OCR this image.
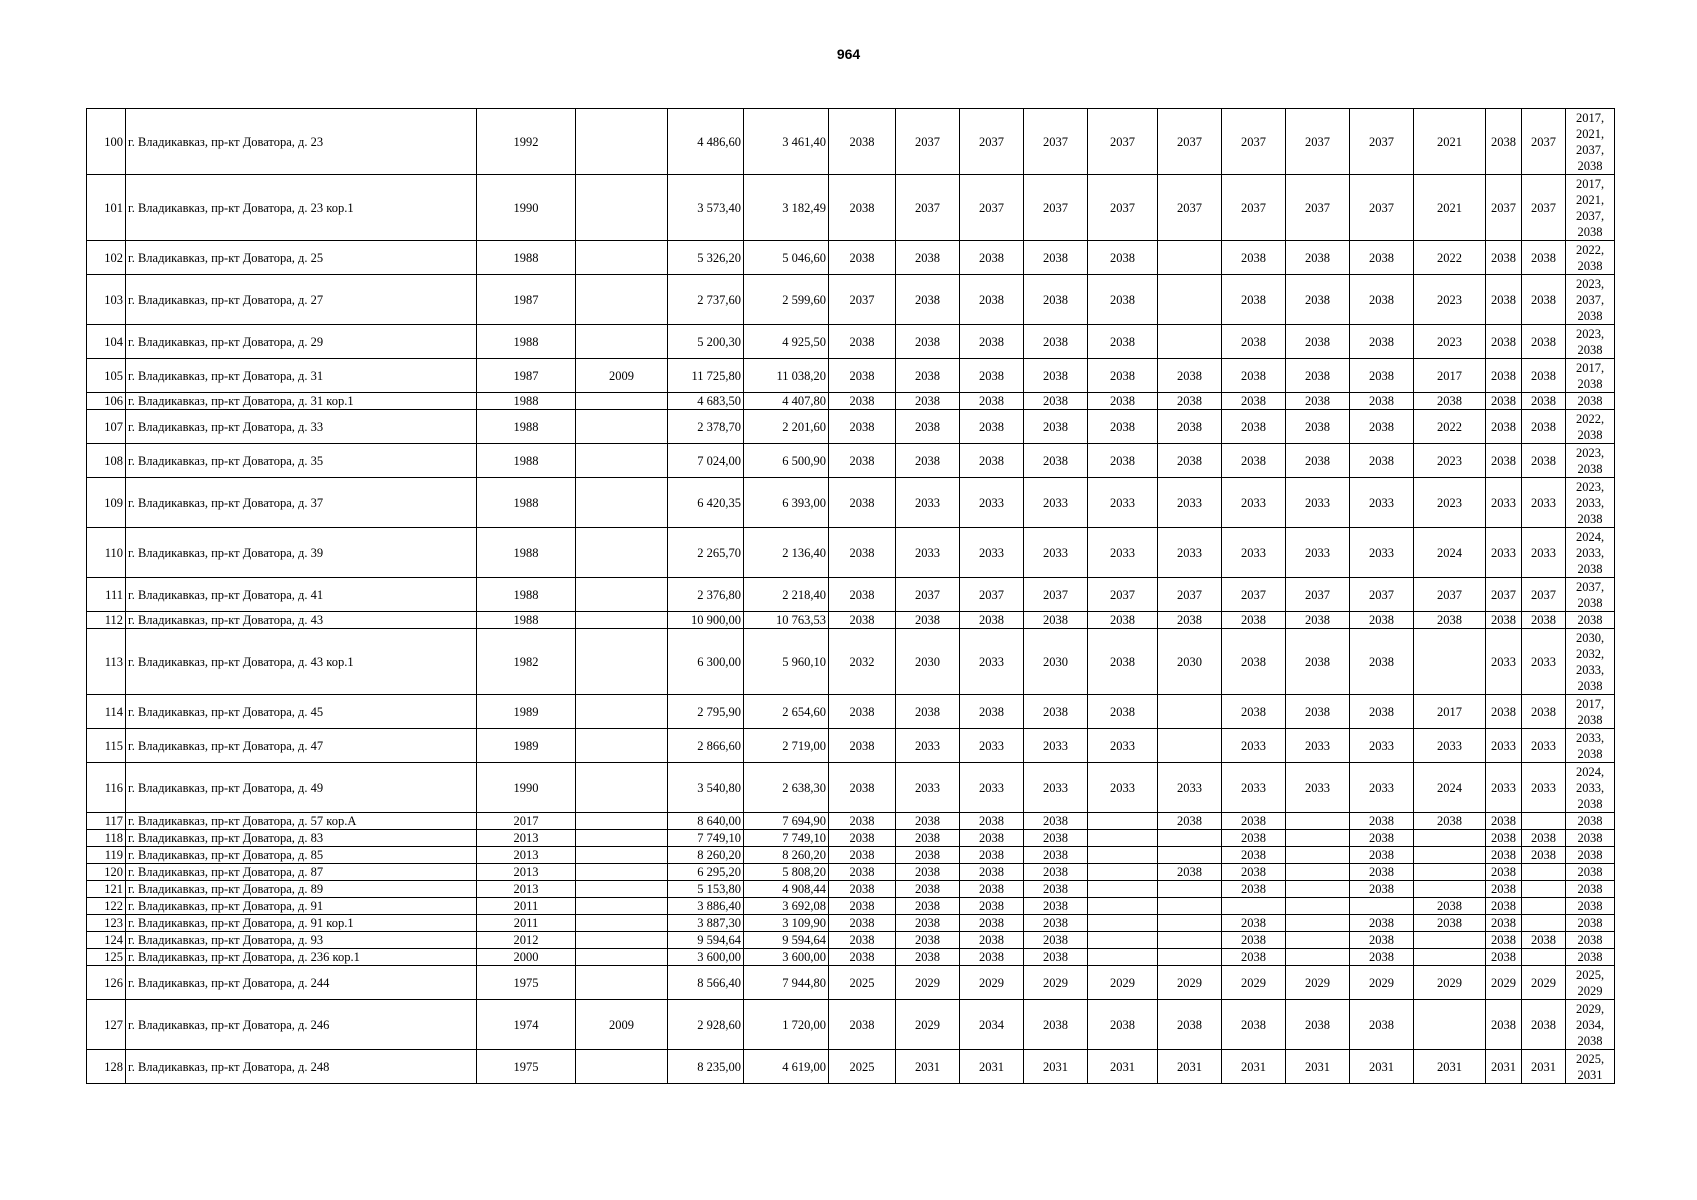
964
100	г. Владикавказ, пр-кт Доватора, д. 23	1992		4 486,60	3 461,40	2038	2037	2037	2037	2037	2037	2037	2037	2037	2021	2038	2037	2017,
2021,
2037,
2038
101	г. Владикавказ, пр-кт Доватора, д. 23 кор.1	1990		3 573,40	3 182,49	2038	2037	2037	2037	2037	2037	2037	2037	2037	2021	2037	2037	2017,
2021,
2037,
2038
102	г. Владикавказ, пр-кт Доватора, д. 25	1988		5 326,20	5 046,60	2038	2038	2038	2038	2038		2038	2038	2038	2022	2038	2038	2022,
2038
103	г. Владикавказ, пр-кт Доватора, д. 27	1987		2 737,60	2 599,60	2037	2038	2038	2038	2038		2038	2038	2038	2023	2038	2038	2023,
2037,
2038
104	г. Владикавказ, пр-кт Доватора, д. 29	1988		5 200,30	4 925,50	2038	2038	2038	2038	2038		2038	2038	2038	2023	2038	2038	2023,
2038
105	г. Владикавказ, пр-кт Доватора, д. 31	1987	2009	11 725,80	11 038,20	2038	2038	2038	2038	2038	2038	2038	2038	2038	2017	2038	2038	2017,
2038
106	г. Владикавказ, пр-кт Доватора, д. 31 кор.1	1988		4 683,50	4 407,80	2038	2038	2038	2038	2038	2038	2038	2038	2038	2038	2038	2038	2038
107	г. Владикавказ, пр-кт Доватора, д. 33	1988		2 378,70	2 201,60	2038	2038	2038	2038	2038	2038	2038	2038	2038	2022	2038	2038	2022,
2038
108	г. Владикавказ, пр-кт Доватора, д. 35	1988		7 024,00	6 500,90	2038	2038	2038	2038	2038	2038	2038	2038	2038	2023	2038	2038	2023,
2038
109	г. Владикавказ, пр-кт Доватора, д. 37	1988		6 420,35	6 393,00	2038	2033	2033	2033	2033	2033	2033	2033	2033	2023	2033	2033	2023,
2033,
2038
110	г. Владикавказ, пр-кт Доватора, д. 39	1988		2 265,70	2 136,40	2038	2033	2033	2033	2033	2033	2033	2033	2033	2024	2033	2033	2024,
2033,
2038
111	г. Владикавказ, пр-кт Доватора, д. 41	1988		2 376,80	2 218,40	2038	2037	2037	2037	2037	2037	2037	2037	2037	2037	2037	2037	2037,
2038
112	г. Владикавказ, пр-кт Доватора, д. 43	1988		10 900,00	10 763,53	2038	2038	2038	2038	2038	2038	2038	2038	2038	2038	2038	2038	2038
113	г. Владикавказ, пр-кт Доватора, д. 43 кор.1	1982		6 300,00	5 960,10	2032	2030	2033	2030	2038	2030	2038	2038	2038		2033	2033	2030,
2032,
2033,
2038
114	г. Владикавказ, пр-кт Доватора, д. 45	1989		2 795,90	2 654,60	2038	2038	2038	2038	2038		2038	2038	2038	2017	2038	2038	2017,
2038
115	г. Владикавказ, пр-кт Доватора, д. 47	1989		2 866,60	2 719,00	2038	2033	2033	2033	2033		2033	2033	2033	2033	2033	2033	2033,
2038
116	г. Владикавказ, пр-кт Доватора, д. 49	1990		3 540,80	2 638,30	2038	2033	2033	2033	2033	2033	2033	2033	2033	2024	2033	2033	2024,
2033,
2038
117	г. Владикавказ, пр-кт Доватора, д. 57 кор.А	2017		8 640,00	7 694,90	2038	2038	2038	2038		2038	2038		2038	2038	2038		2038
118	г. Владикавказ, пр-кт Доватора, д. 83	2013		7 749,10	7 749,10	2038	2038	2038	2038			2038		2038		2038	2038	2038
119	г. Владикавказ, пр-кт Доватора, д. 85	2013		8 260,20	8 260,20	2038	2038	2038	2038			2038		2038		2038	2038	2038
120	г. Владикавказ, пр-кт Доватора, д. 87	2013		6 295,20	5 808,20	2038	2038	2038	2038		2038	2038		2038		2038		2038
121	г. Владикавказ, пр-кт Доватора, д. 89	2013		5 153,80	4 908,44	2038	2038	2038	2038			2038		2038		2038		2038
122	г. Владикавказ, пр-кт Доватора, д. 91	2011		3 886,40	3 692,08	2038	2038	2038	2038						2038	2038		2038
123	г. Владикавказ, пр-кт Доватора, д. 91 кор.1	2011		3 887,30	3 109,90	2038	2038	2038	2038			2038		2038	2038	2038		2038
124	г. Владикавказ, пр-кт Доватора, д. 93	2012		9 594,64	9 594,64	2038	2038	2038	2038			2038		2038		2038	2038	2038
125	г. Владикавказ, пр-кт Доватора, д. 236 кор.1	2000		3 600,00	3 600,00	2038	2038	2038	2038			2038		2038		2038		2038
126	г. Владикавказ, пр-кт Доватора, д. 244	1975		8 566,40	7 944,80	2025	2029	2029	2029	2029	2029	2029	2029	2029	2029	2029	2029	2025,
2029
127	г. Владикавказ, пр-кт Доватора, д. 246	1974	2009	2 928,60	1 720,00	2038	2029	2034	2038	2038	2038	2038	2038	2038		2038	2038	2029,
2034,
2038
128	г. Владикавказ, пр-кт Доватора, д. 248	1975		8 235,00	4 619,00	2025	2031	2031	2031	2031	2031	2031	2031	2031	2031	2031	2031	2025,
2031
